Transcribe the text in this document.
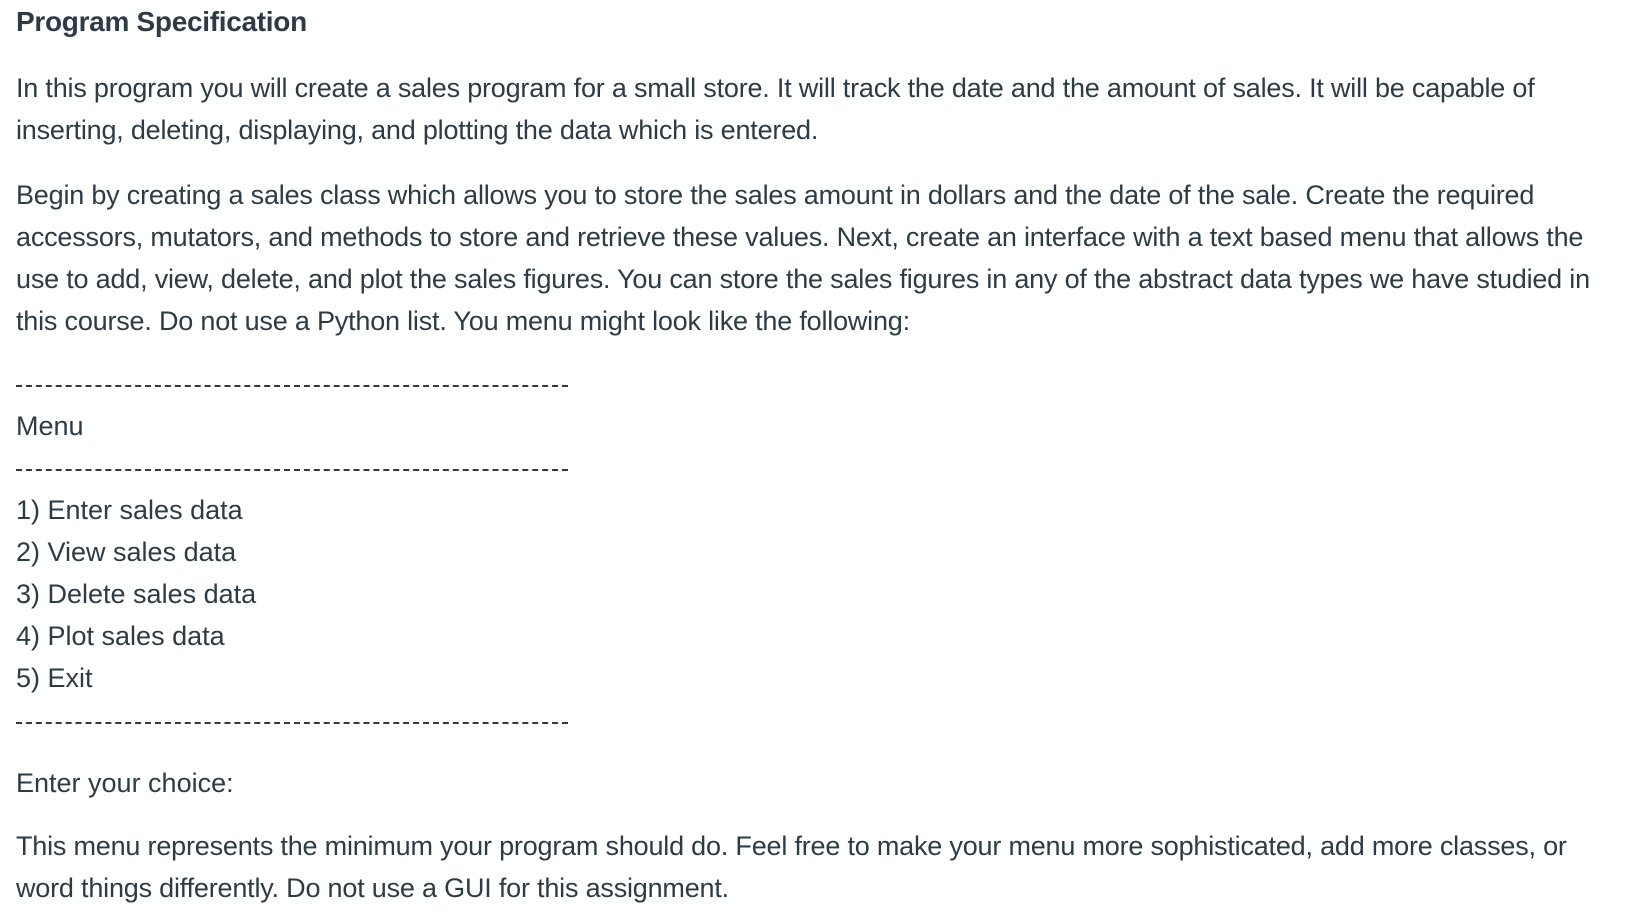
Program Specification

In this program you will create a sales program for a small store. It will track the date and the amount of sales. It will be capable of inserting, deleting, displaying, and plotting the data which is entered.

Begin by creating a sales class which allows you to store the sales amount in dollars and the date of the sale. Create the required accessors, mutators, and methods to store and retrieve these values. Next, create an interface with a text based menu that allows the use to add, view, delete, and plot the sales figures. You can store the sales figures in any of the abstract data types we have studied in this course. Do not use a Python list. You menu might look like the following:

Menu
1) Enter sales data
2) View sales data
3) Delete sales data
4) Plot sales data
5) Exit
Enter your choice:

This menu represents the minimum your program should do. Feel free to make your menu more sophisticated, add more classes, or word things differently. Do not use a GUI for this assignment.
